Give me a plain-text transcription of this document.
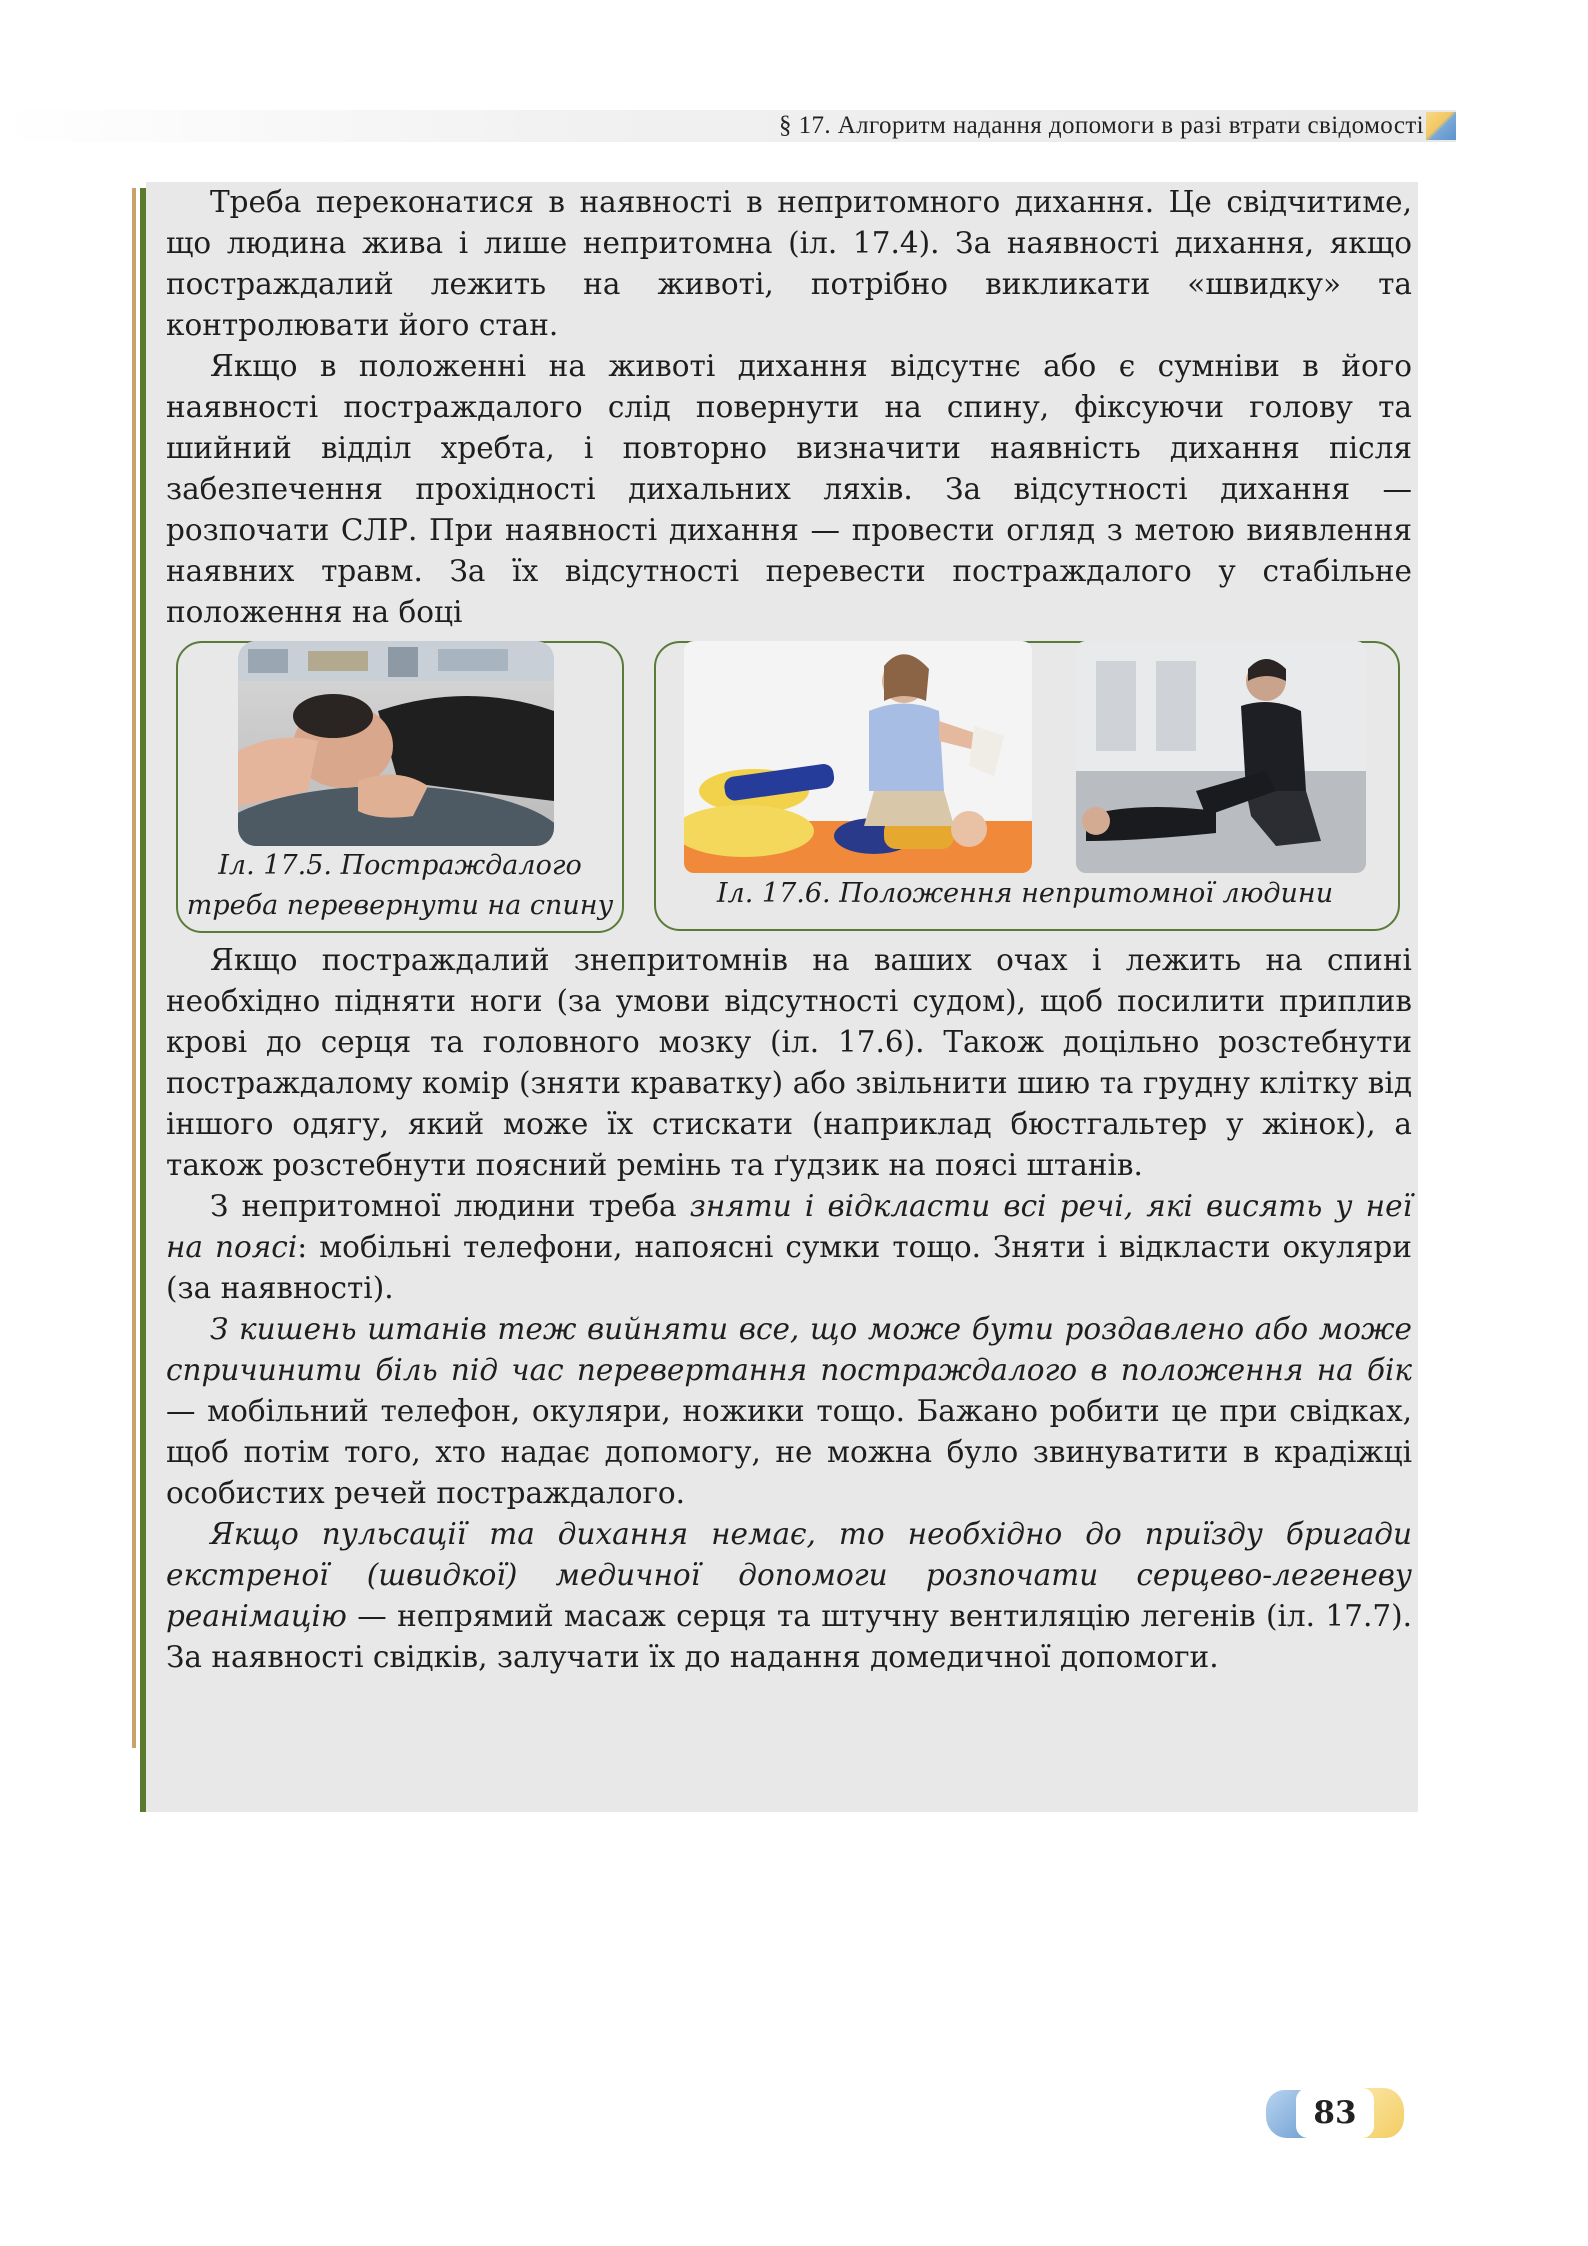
§ 17. Алгоритм надання допомоги в разі втрати свідомості

Треба переконатися в наявності в непритомного дихання. Це свідчитиме, що людина жива і лише непритомна (іл. 17.4). За наявності дихання, якщо постраждалий лежить на животі, потрібно викликати «швидку» та контролювати його стан.

Якщо в положенні на животі дихання відсутнє або є сумніви в його наявності постраждалого слід повернути на спину, фіксуючи голову та шийний відділ хребта, і повторно визначити наявність дихання після забезпечення прохідності дихальних ляхів. За відсутності дихання — розпочати СЛР. При наявності дихання — провести огляд з метою виявлення наявних травм. За їх відсутності перевести постраждалого у стабільне положення на боці

Іл. 17.5. Постраждалого
треба перевернути на спину	Іл. 17.6. Положення непритомної людини

Якщо постраждалий знепритомнів на ваших очах і лежить на спині необхідно підняти ноги (за умови відсутності судом), щоб посилити приплив крові до серця та головного мозку (іл. 17.6). Також доцільно розстебнути постраждалому комір (зняти краватку) або звільнити шию та грудну клітку від іншого одягу, який може їх стискати (наприклад бюстгальтер у жінок), а також розстебнути поясний ремінь та ґудзик на поясі штанів.

З непритомної людини треба зняти і відкласти всі речі, які висять у неї на поясі: мобільні телефони, напоясні сумки тощо. Зняти і відкласти окуляри (за наявності).

З кишень штанів теж вийняти все, що може бути роздавлено або може спричинити біль під час перевертання постраждалого в положення на бік — мобільний телефон, окуляри, ножики тощо. Бажано робити це при свідках, щоб потім того, хто надає допомогу, не можна було звинуватити в крадіжці особистих речей постраждалого.

Якщо пульсації та дихання немає, то необхідно до приїзду бригади екстреної (швидкої) медичної допомоги розпочати серцево-легеневу реанімацію — непрямий масаж серця та штучну вентиляцію легенів (іл. 17.7). За наявності свідків, залучати їх до надання домедичної допомоги.

83
